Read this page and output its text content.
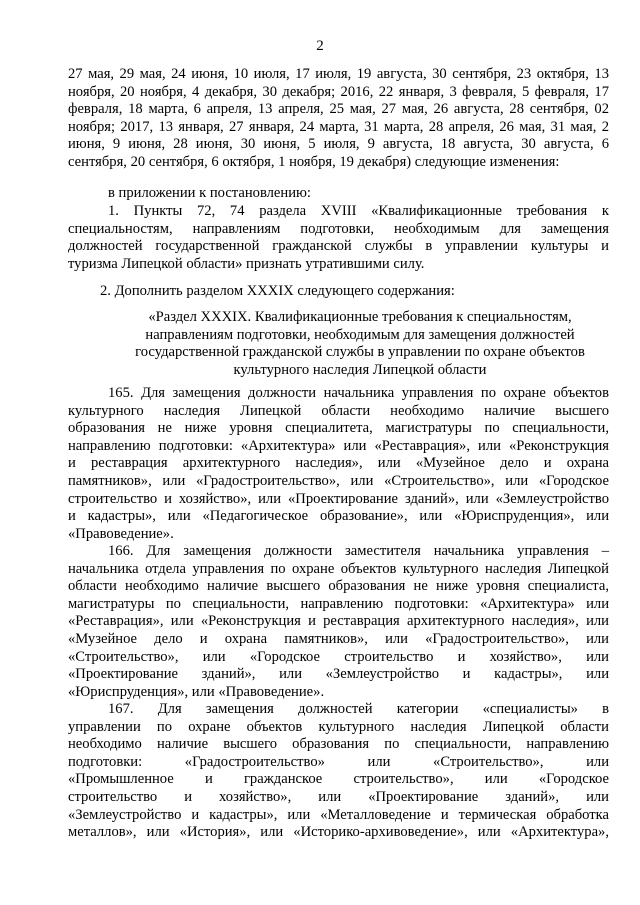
2
27 мая, 29 мая, 24 июня, 10 июля, 17 июля, 19 августа, 30 сентября, 23 октября, 13
ноября, 20 ноября, 4 декабря, 30 декабря; 2016, 22 января, 3 февраля, 5 февраля, 17
февраля, 18 марта, 6 апреля, 13 апреля, 25 мая, 27 мая, 26 августа, 28 сентября, 02
ноября; 2017, 13 января, 27 января, 24 марта, 31 марта, 28 апреля, 26 мая, 31 мая, 2
июня, 9 июня, 28 июня, 30 июня, 5 июля, 9 августа, 18 августа, 30 августа, 6
сентября, 20 сентября, 6 октября, 1 ноября, 19 декабря) следующие изменения:
в приложении к постановлению:
1. Пункты 72, 74 раздела XVIII «Квалификационные требования к
специальностям, направлениям подготовки, необходимым для замещения
должностей государственной гражданской службы в управлении культуры и
туризма Липецкой области» признать утратившими силу.
2. Дополнить разделом XXXIX следующего содержания:
«Раздел XXXIX. Квалификационные требования к специальностям,
направлениям подготовки, необходимым для замещения должностей
государственной гражданской службы в управлении по охране объектов
культурного наследия Липецкой области
165. Для замещения должности начальника управления по охране объектов
культурного наследия Липецкой области необходимо наличие высшего
образования не ниже уровня специалитета, магистратуры по специальности,
направлению подготовки: «Архитектура» или «Реставрация», или «Реконструкция
и реставрация архитектурного наследия», или «Музейное дело и охрана
памятников», или «Градостроительство», или «Строительство», или «Городское
строительство и хозяйство», или «Проектирование зданий», или «Землеустройство
и кадастры», или «Педагогическое образование», или «Юриспруденция», или
«Правоведение».
166. Для замещения должности заместителя начальника управления –
начальника отдела управления по охране объектов культурного наследия Липецкой
области необходимо наличие высшего образования не ниже уровня специалиста,
магистратуры по специальности, направлению подготовки: «Архитектура» или
«Реставрация», или «Реконструкция и реставрация архитектурного наследия», или
«Музейное дело и охрана памятников», или «Градостроительство», или
«Строительство», или «Городское строительство и хозяйство», или
«Проектирование зданий», или «Землеустройство и кадастры», или
«Юриспруденция», или «Правоведение».
167. Для замещения должностей категории «специалисты» в
управлении по охране объектов культурного наследия Липецкой области
необходимо наличие высшего образования по специальности, направлению
подготовки: «Градостроительство» или «Строительство», или
«Промышленное и гражданское строительство», или «Городское
строительство и хозяйство», или «Проектирование зданий», или
«Землеустройство и кадастры», или «Металловедение и термическая обработка
металлов», или «История», или «Историко-архивоведение», или «Архитектура»,
